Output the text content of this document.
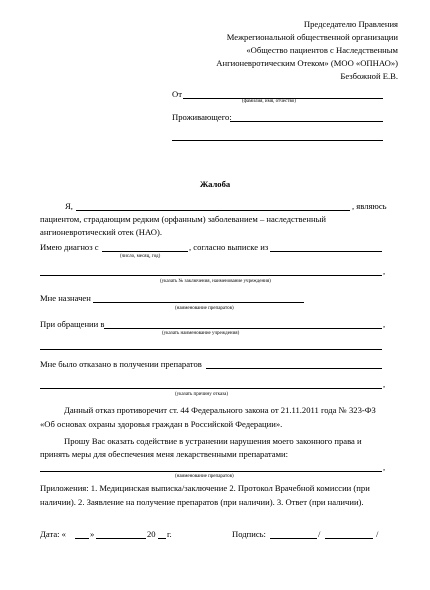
Председателю Правления
Межрегиональной общественной организации
«Общество пациентов с Наследственным
Ангионевротическим Отеком» (МОО «ОПНАО»)
Безбожной Е.В.
От
(фамилия, имя, отчество)
Проживающего:
Жалоба
Я,	, являюсь
пациентом, страдающим редким (орфанным) заболеванием – наследственный
ангионевротический отек (НАО).
Имею диагноз с	, согласно выписке из
(число, месяц, год)
,
(указать № заключения, наименование учреждения)
Мне назначен
(наименование препаратов)
При обращении в	,
(указать наименование учреждения)
Мне было отказано в получении препаратов
,
(указать причину отказа)
Данный отказ противоречит ст. 44 Федерального закона от 21.11.2011 года № 323-ФЗ
«Об основах охраны здоровья граждан в Российской Федерации».
Прошу Вас оказать содействие в устранении нарушения моего законного права и
принять меры для обеспечения меня лекарственными препаратами:
,
(наименование препаратов)
Приложения: 1. Медицинская выписка/заключение 2. Протокол Врачебной комиссии (при
наличии). 2. Заявление на получение препаратов (при наличии). 3. Ответ (при наличии).
Дата: «	»	20 г.	Подпись:	/	/
